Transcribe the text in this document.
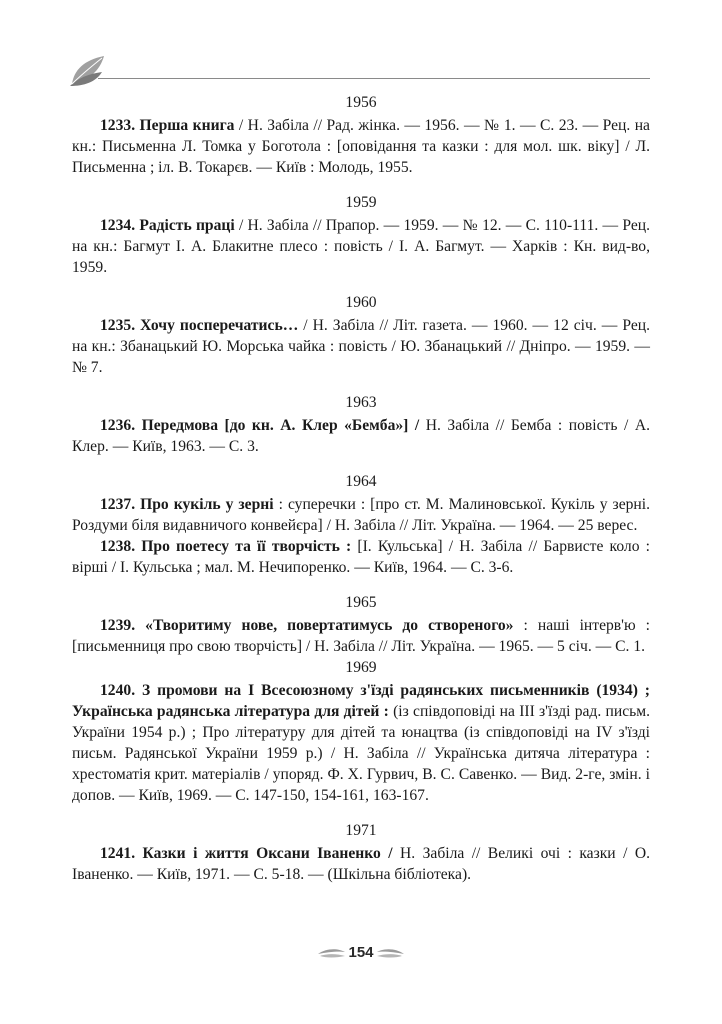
1956

1233. Перша книга / Н. Забіла // Рад. жінка. — 1956. — № 1. — С. 23. — Рец. на кн.: Письменна Л. Томка у Боготола : [оповідання та казки : для мол. шк. віку] / Л. Письменна ; іл. В. Токарєв. — Київ : Молодь, 1955.

1959

1234. Радість праці / Н. Забіла // Прапор. — 1959. — № 12. — С. 110-111. — Рец. на кн.: Багмут І. А. Блакитне плесо : повість / І. А. Багмут. — Харків : Кн. вид-во, 1959.

1960

1235. Хочу посперечатись… / Н. Забіла // Літ. газета. — 1960. — 12 січ. — Рец. на кн.: Збанацький Ю. Морська чайка : повість / Ю. Збанацький // Дніпро. — 1959. — № 7.

1963

1236. Передмова [до кн. А. Клер «Бемба»] / Н. Забіла // Бемба : повість / А. Клер. — Київ, 1963. — С. 3.

1964

1237. Про кукіль у зерні : суперечки : [про ст. М. Малиновської. Кукіль у зерні. Роздуми біля видавничого конвейєра] / Н. Забіла // Літ. Україна. — 1964. — 25 верес.

1238. Про поетесу та її творчість : [І. Кульська] / Н. Забіла // Барвисте коло : вірші / І. Кульська ; мал. М. Нечипоренко. — Київ, 1964. — С. 3-6.

1965

1239. «Творитиму нове, повертатимусь до створеного» : наші інтерв'ю : [письменниця про свою творчість] / Н. Забіла // Літ. Україна. — 1965. — 5 січ. — С. 1.

1969

1240. З промови на І Всесоюзному з'їзді радянських письменників (1934) ; Українська радянська література для дітей : (із співдоповіді на ІІІ з'їзді рад. письм. України 1954 р.) ; Про літературу для дітей та юнацтва (із співдоповіді на IV з'їзді письм. Радянської України 1959 р.) / Н. Забіла // Українська дитяча література : хрестоматія крит. матеріалів / упоряд. Ф. Х. Гурвич, В. С. Савенко. — Вид. 2-ге, змін. і допов. — Київ, 1969. — С. 147-150, 154-161, 163-167.

1971

1241. Казки і життя Оксани Іваненко / Н. Забіла // Великі очі : казки / О. Іваненко. — Київ, 1971. — С. 5-18. — (Шкільна бібліотека).

154
